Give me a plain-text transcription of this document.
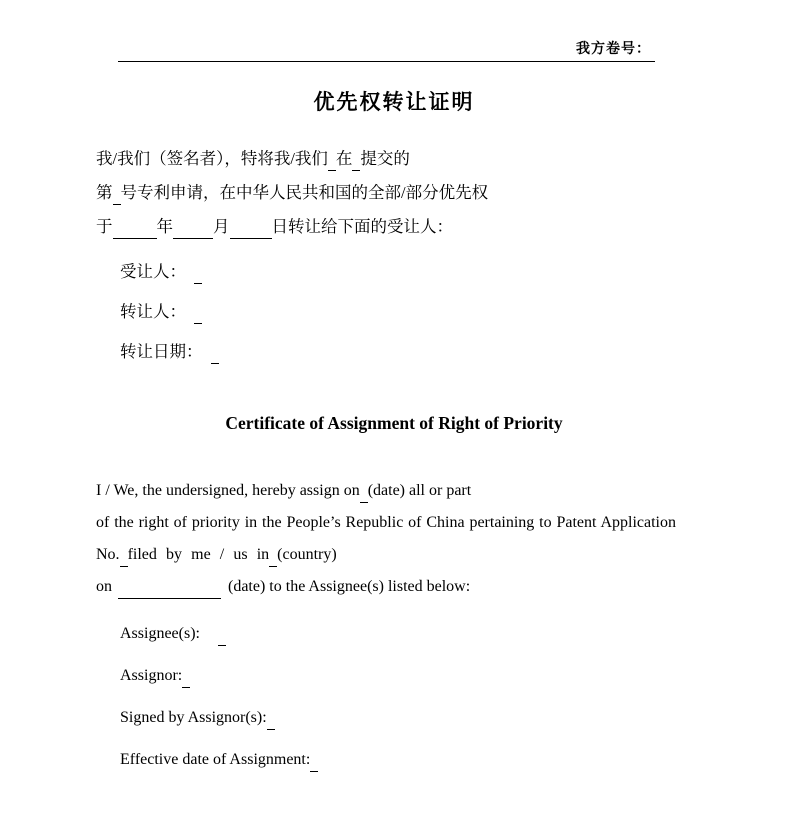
我方卷号：
优先权转让证明
我/我们（签名者），特将我/我们 在 提交的
第 号专利申请，在中华人民共和国的全部/部分优先权
于	年 月	日转让给下面的受让人：
受让人：
转让人：
转让日期：
Certificate of Assignment of Right of Priority
I / We, the undersigned, hereby assign on (date) all or part
of the right of priority in the People’s Republic of China pertaining to Patent Application
No. filed by me / us in (country)
on	(date) to the Assignee(s) listed below:
Assignee(s):
Assignor:
Signed by Assignor(s):
Effective date of Assignment:
